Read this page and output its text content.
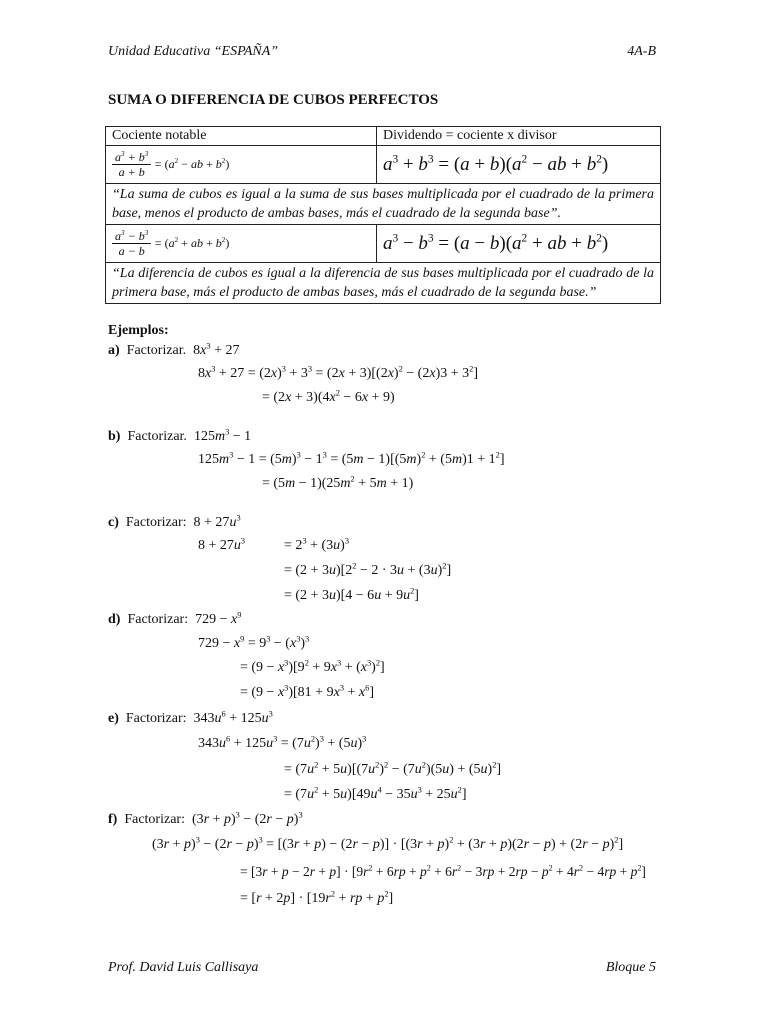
Unidad Educativa “ESPAÑA”	4A-B
SUMA O DIFERENCIA DE CUBOS PERFECTOS
Cociente notable	Dividendo = cociente x divisor

$\frac{a^3 + b^3}{a + b} = (a^2$ − ab + $b^2$)	$a^3 + b^3 = (a + b)(a^2$ − ab + $b^2$)
“La suma de cubos es igual a la suma de sus bases multiplicada por el cuadrado de la primera base, menos el producto de ambas bases, más el cuadrado de la segunda base”.	

$\frac{a^3 - b^3}{a - b} = (a^2$ + ab + $b^2$)	$a^3 - b^3 = (a - b)(a^2$ + ab + $b^2$)
“La diferencia de cubos es igual a la diferencia de sus bases multiplicada por el cuadrado de la primera base, más el producto de ambas bases, más el cuadrado de la segunda base.”	
Ejemplos:
a) Factorizar.  $8x^3 + 27$
$8x^3 + 27 = (2x)^3 + 3^3 = (2x + 3)[(2x)^2 - (2x)3 + 3^2]$
= $(2x + 3)(4x^2 - 6x + 9)$
b) Factorizar.  $125m^3 - 1$
$125m^3 - 1 = (5m)^3 - 1^3 = (5m - 1)[(5m)^2 + (5m)1 + 1^2]$
= $(5m - 1)(25m^2 + 5m + 1)$
c) Factorizar:  $8 + 27u^3$
$8 + 27u^3$	= $2^3 + (3u)^3$
= $(2 + 3u)[2^2 - 2 \cdot 3u + (3u)^2]$
= $(2 + 3u)[4 - 6u + 9u^2]$
d) Factorizar:  $729 - x^9$
$729 - x^9 = 9^3 - (x^3)^3$
= $(9 - x^3)[9^2 + 9x^3 + (x^3)^2]$
= $(9 - x^3)[81 + 9x^3 + x^6]$
e) Factorizar:  $343u^6 + 125u^3$
$343u^6 + 125u^3 = (7u^2)^3 + (5u)^3$
= $(7u^2 + 5u)[(7u^2)^2 - (7u^2)(5u) + (5u)^2]$
= $(7u^2 + 5u)[49u^4 - 35u^3 + 25u^2]$
f) Factorizar:  $(3r + p)^3 - (2r - p)^3$
$(3r + p)^3 - (2r - p)^3 = [(3r + p) - (2r - p)] \cdot [(3r + p)^2 + (3r + p)(2r - p) + (2r - p)^2]$
= $[3r + p - 2r + p] \cdot [9r^2 + 6rp + p^2 + 6r^2 - 3rp + 2rp - p^2 + 4r^2 - 4rp + p^2]$
= $[r + 2p] \cdot [19r^2$ + rp + $p^2$]
Prof. David Luis Callisaya	Bloque 5
